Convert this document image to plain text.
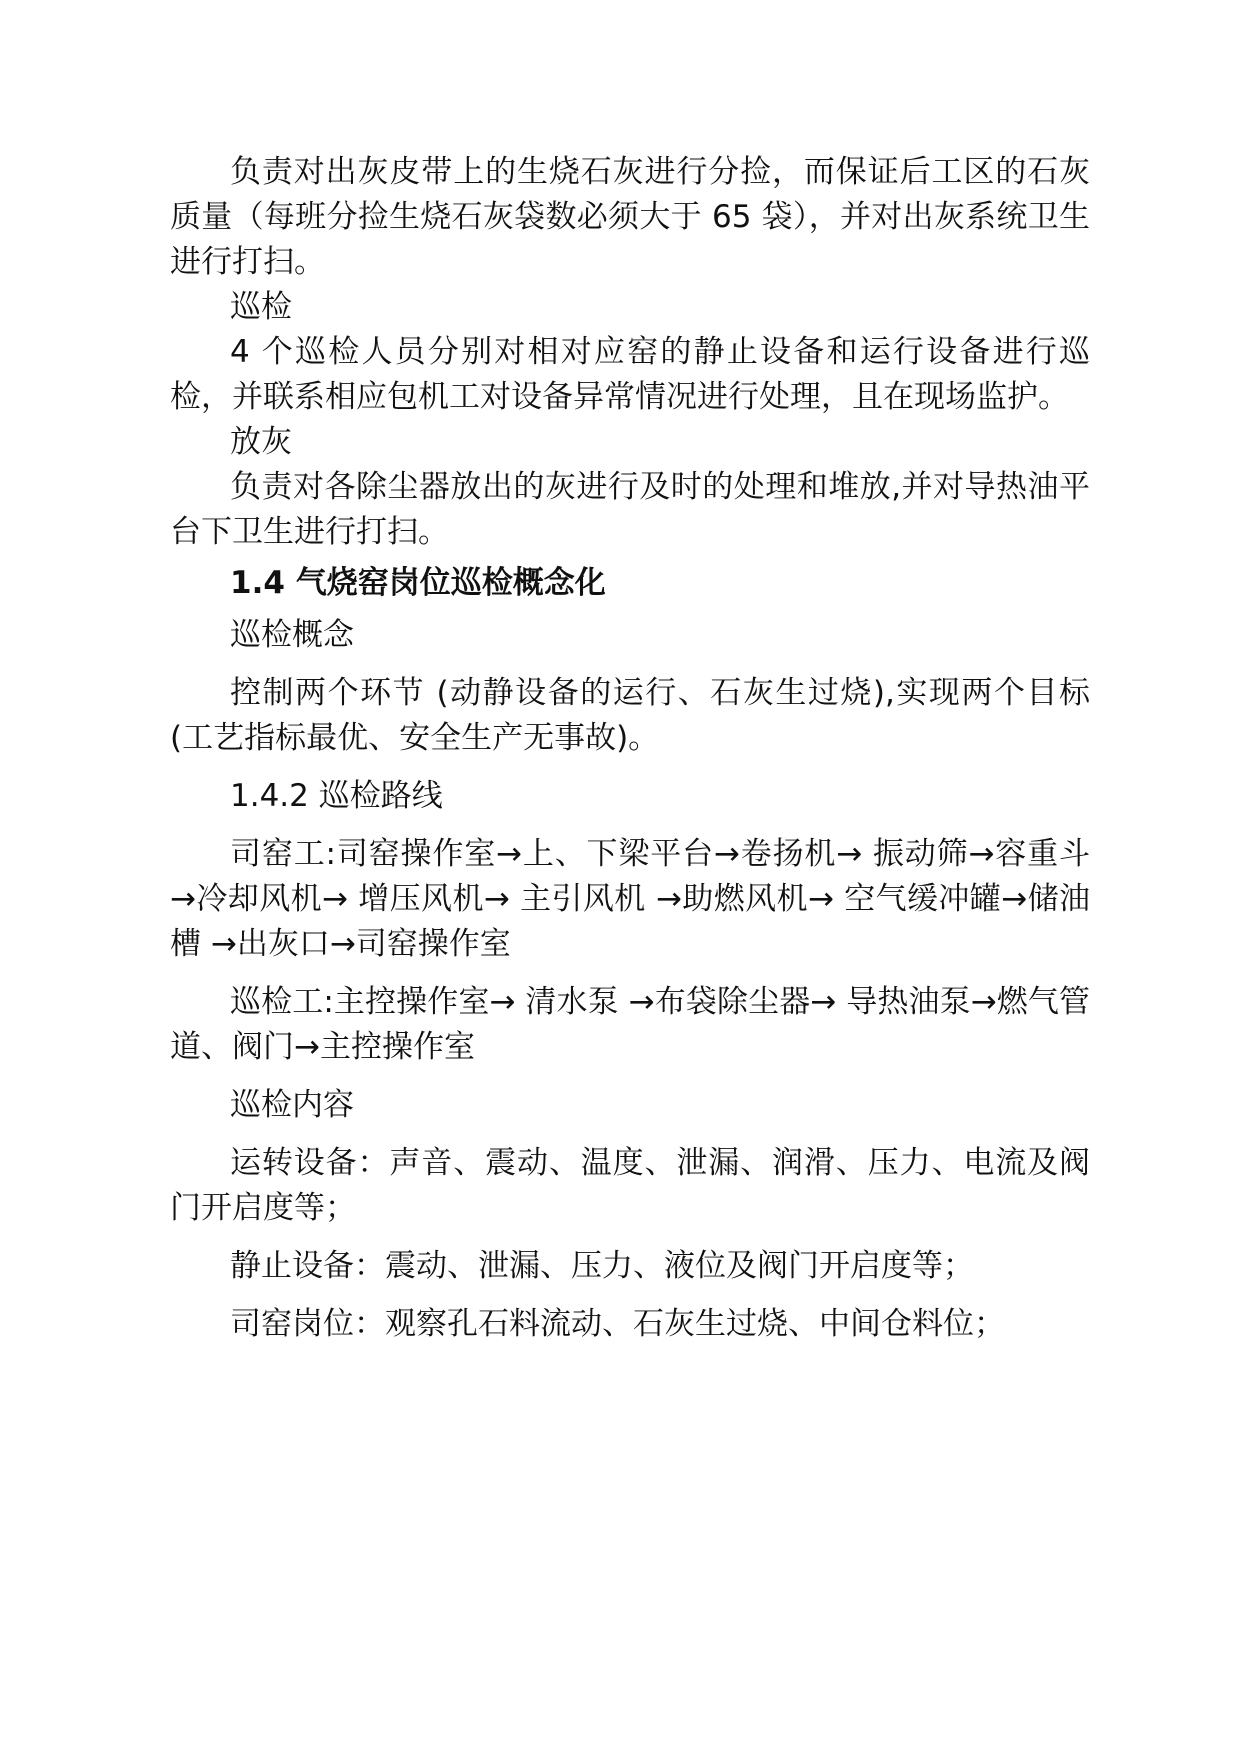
负责对出灰皮带上的生烧石灰进行分捡，而保证后工区的石灰质量（每班分捡生烧石灰袋数必须大于 65 袋），并对出灰系统卫生进行打扫。

巡检

4 个巡检人员分别对相对应窑的静止设备和运行设备进行巡检，并联系相应包机工对设备异常情况进行处理，且在现场监护。

放灰

负责对各除尘器放出的灰进行及时的处理和堆放,并对导热油平台下卫生进行打扫。

1.4 气烧窑岗位巡检概念化

巡检概念

控制两个环节 (动静设备的运行、石灰生过烧),实现两个目标(工艺指标最优、安全生产无事故)。

1.4.2 巡检路线

司窑工:司窑操作室→上、下梁平台→卷扬机→ 振动筛→容重斗→冷却风机→ 增压风机→ 主引风机 →助燃风机→ 空气缓冲罐→储油槽 →出灰口→司窑操作室

巡检工:主控操作室→ 清水泵 →布袋除尘器→ 导热油泵→燃气管道、阀门→主控操作室

巡检内容

运转设备：声音、震动、温度、泄漏、润滑、压力、电流及阀门开启度等；

静止设备：震动、泄漏、压力、液位及阀门开启度等；

司窑岗位：观察孔石料流动、石灰生过烧、中间仓料位；
